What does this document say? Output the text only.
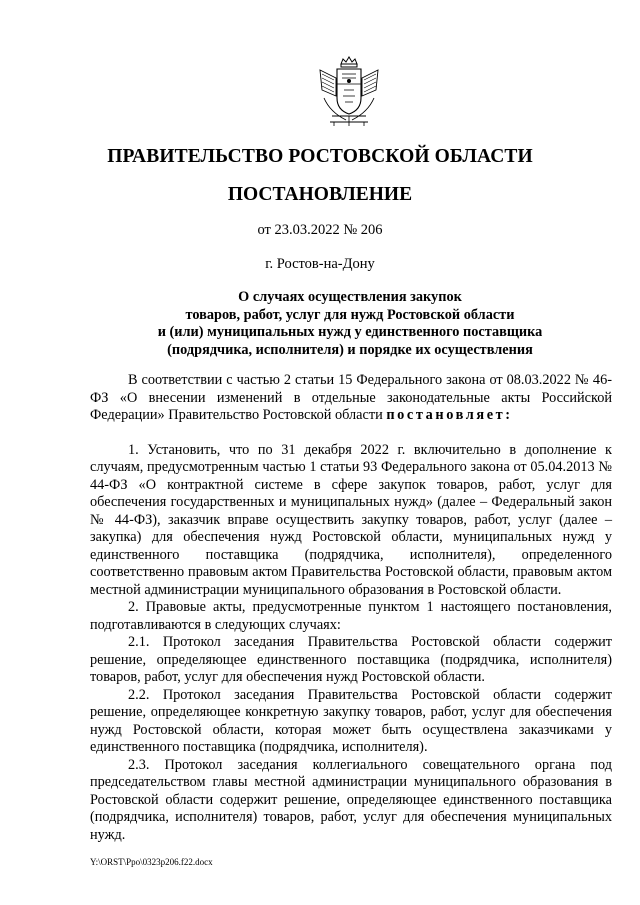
ПРАВИТЕЛЬСТВО РОСТОВСКОЙ ОБЛАСТИ
ПОСТАНОВЛЕНИЕ
от 23.03.2022 № 206
г. Ростов-на-Дону
О случаях осуществления закупок
товаров, работ, услуг для нужд Ростовской области
и (или) муниципальных нужд у единственного поставщика
(подрядчика, исполнителя) и порядке их осуществления
В соответствии с частью 2 статьи 15 Федерального закона от 08.03.2022 № 46-ФЗ «О внесении изменений в отдельные законодательные акты Российской Федерации» Правительство Ростовской области постановляет:
1. Установить, что по 31 декабря 2022 г. включительно в дополнение к случаям, предусмотренным частью 1 статьи 93 Федерального закона от 05.04.2013 № 44-ФЗ «О контрактной системе в сфере закупок товаров, работ, услуг для обеспечения государственных и муниципальных нужд» (далее – Федеральный закон № 44-ФЗ), заказчик вправе осуществить закупку товаров, работ, услуг (далее – закупка) для обеспечения нужд Ростовской области, муниципальных нужд у единственного поставщика (подрядчика, исполнителя), определенного соответственно правовым актом Правительства Ростовской области, правовым актом местной администрации муниципального образования в Ростовской области.
2. Правовые акты, предусмотренные пунктом 1 настоящего постановления, подготавливаются в следующих случаях:
2.1. Протокол заседания Правительства Ростовской области содержит решение, определяющее единственного поставщика (подрядчика, исполнителя) товаров, работ, услуг для обеспечения нужд Ростовской области.
2.2. Протокол заседания Правительства Ростовской области содержит решение, определяющее конкретную закупку товаров, работ, услуг для обеспечения нужд Ростовской области, которая может быть осуществлена заказчиками у единственного поставщика (подрядчика, исполнителя).
2.3. Протокол заседания коллегиального совещательного органа под председательством главы местной администрации муниципального образования в Ростовской области содержит решение, определяющее единственного поставщика (подрядчика, исполнителя) товаров, работ, услуг для обеспечения муниципальных нужд.
Y:\ORST\Ppo\0323p206.f22.docx
